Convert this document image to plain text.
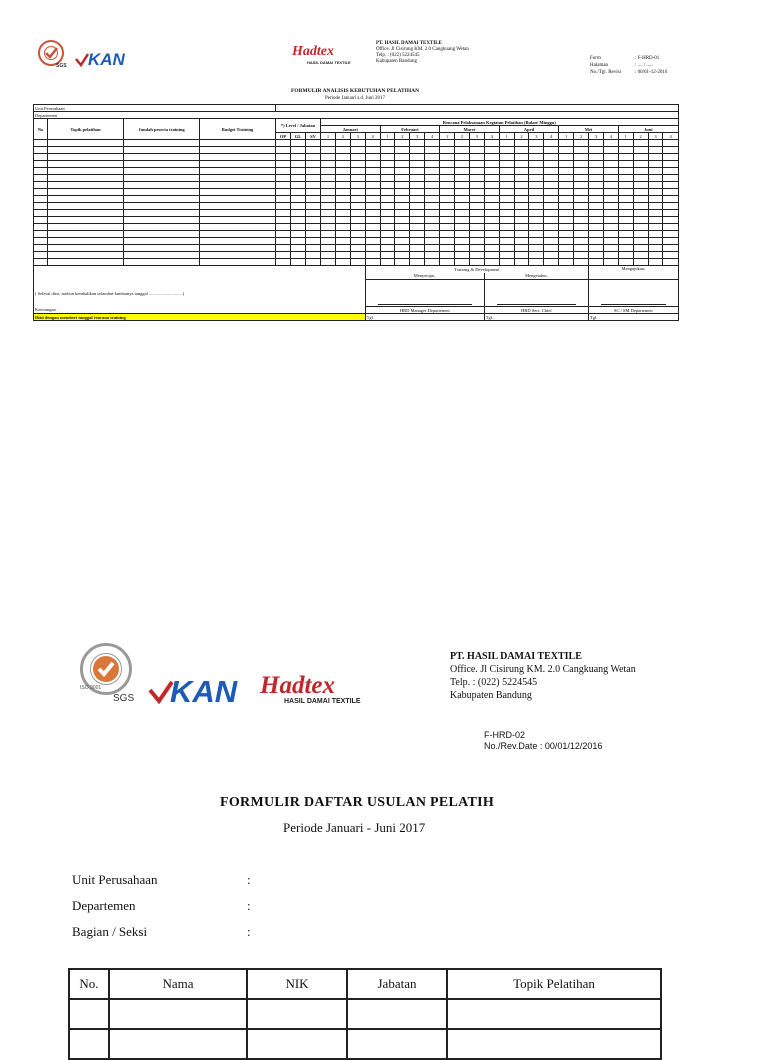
SGS KAN	Hadtex
HASIL DAMAI TEXTILE
PT. HASIL DAMAI TEXTILE
Office. Jl Cisirung KM. 2.0 Cangkuang Wetan
Telp. : (022) 5224545
Kabupaten Bandung
Form	: F-HRD-01
Halaman	: .... / .....
No./Tgl. Revisi	: 00/01-12-2016
FORMULIR ANALISIS KEBUTUHAN PELATIHAN
Periode Januari s.d. Juni 2017
Unit Perusahaan				:																										
Departemen																														
No	Topik pelatihan	Jumlah peserta training	Budget Training	*) Level / Jabatan			Rencana Pelaksanaan Kegiatan Pelatihan (Bulan/ Minggu)																							
							Januari				Februari				Maret				April				Mei				Juni			
				OP	GL	SV	1	2	3	4	1	2	3	4	1	2	3	4	1	2	3	4	1	2	3	4	1	2	3	4

										Training & Development															Mengajukan,					
										Menyetujui,								Mengetahui,												
( Selesai diisi, mohon kembalikan selambat-lambatnya tanggal ..............................)																												

Keterangan :										HRD Manager Departemen								HRD Sect. Chief							SC / SM Departemen					
Diisi dengan memberi tanggal rencana training										Tgl.								Tgl.							Tgl.					
ISO 9001
SGS KAN Hadtex
HASIL DAMAI TEXTILE
PT. HASIL DAMAI TEXTILE
Office. Jl Cisirung KM. 2.0 Cangkuang Wetan
Telp. : (022) 5224545
Kabupaten Bandung
F-HRD-02
No./Rev.Date : 00/01/12/2016
FORMULIR DAFTAR USULAN PELATIH
Periode Januari - Juni 2017
Unit Perusahaan	:
Departemen	:
Bagian / Seksi	:
No.	Nama	NIK	Jabatan	Topik Pelatihan
